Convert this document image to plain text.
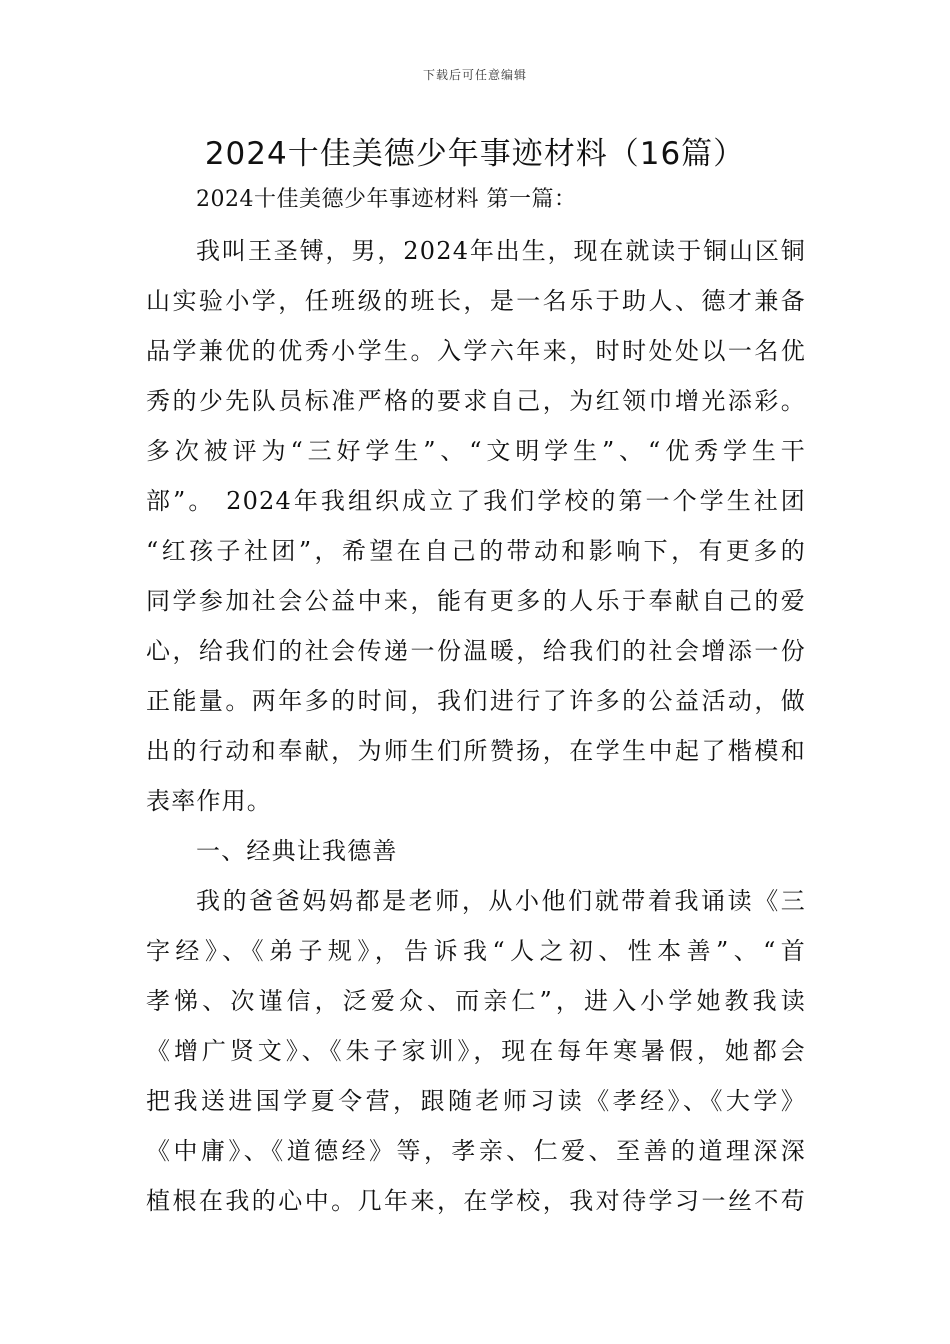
下载后可任意编辑
2024十佳美德少年事迹材料（16篇）
2024十佳美德少年事迹材料 第一篇：
我叫王圣镈，男，2024年出生，现在就读于铜山区铜
山实验小学，任班级的班长，是一名乐于助人、德才兼备
品学兼优的优秀小学生。入学六年来，时时处处以一名优
秀的少先队员标准严格的要求自己，为红领巾增光添彩。
多次被评为“三好学生”、“文明学生”、“优秀学生干
部”。 2024年我组织成立了我们学校的第一个学生社团
“红孩子社团”，希望在自己的带动和影响下，有更多的
同学参加社会公益中来，能有更多的人乐于奉献自己的爱
心，给我们的社会传递一份温暖，给我们的社会增添一份
正能量。两年多的时间，我们进行了许多的公益活动，做
出的行动和奉献，为师生们所赞扬，在学生中起了楷模和
表率作用。
一、经典让我德善
我的爸爸妈妈都是老师，从小他们就带着我诵读《三
字经》、《弟子规》，告诉我“人之初、性本善”、“首
孝悌、次谨信，泛爱众、而亲仁”，进入小学她教我读
《增广贤文》、《朱子家训》，现在每年寒暑假，她都会
把我送进国学夏令营，跟随老师习读《孝经》、《大学》
《中庸》、《道德经》等，孝亲、仁爱、至善的道理深深
植根在我的心中。几年来，在学校，我对待学习一丝不苟
